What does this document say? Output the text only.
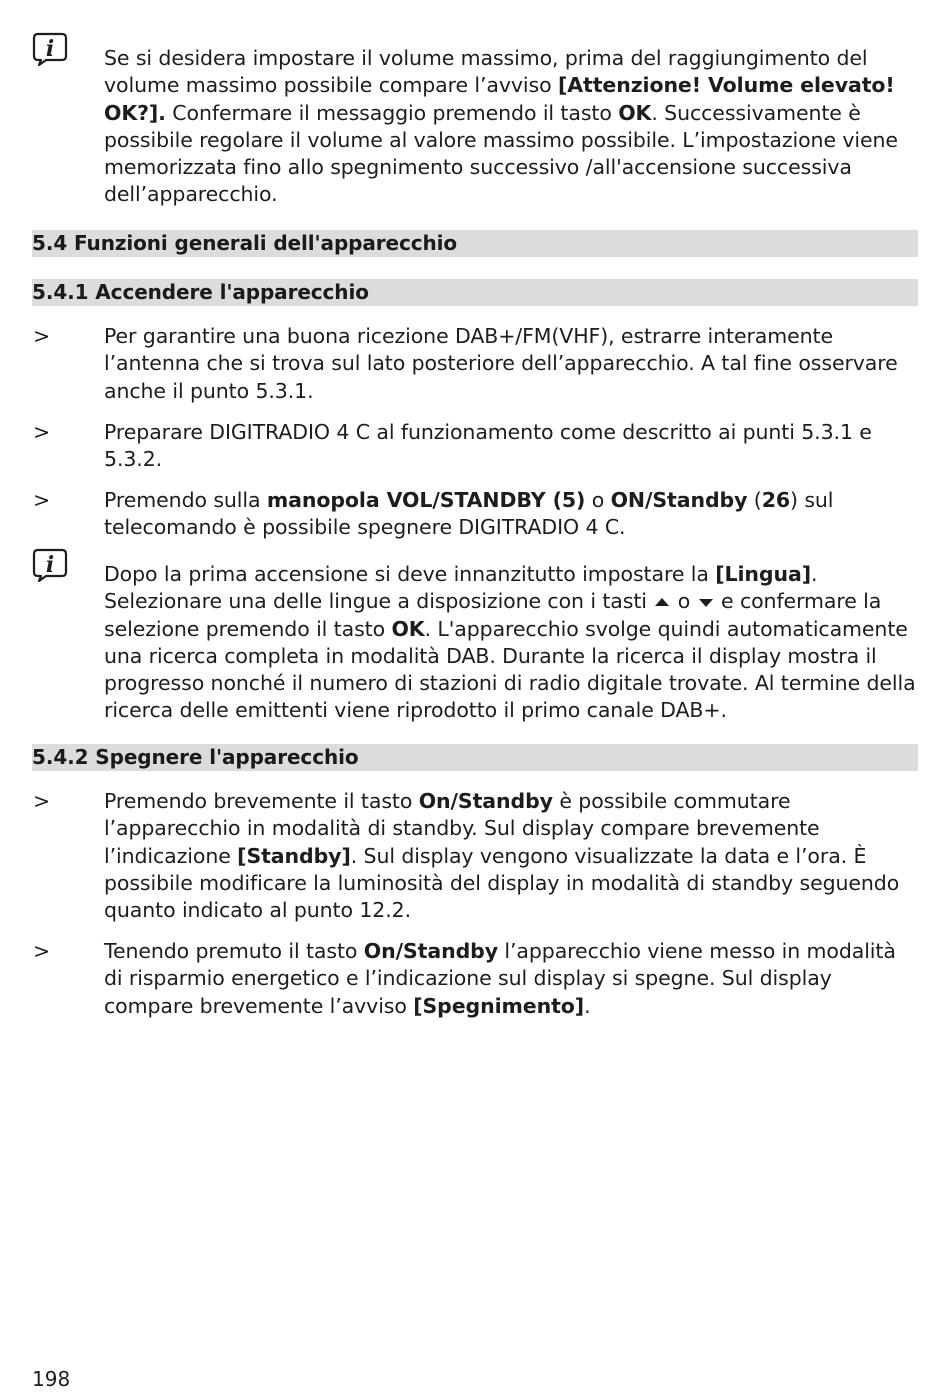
i Se si desidera impostare il volume massimo, prima del raggiungimento del volume massimo possibile compare l’avviso [Attenzione! Volume elevato! OK?]. Confermare il messaggio premendo il tasto OK. Successivamente è possibile regolare il volume al valore massimo possibile. L’impostazione viene memorizzata fino allo spegnimento successivo /all'accensione successiva dell’apparecchio.
5.4 Funzioni generali dell'apparecchio
5.4.1 Accendere l'apparecchio
>	Per garantire una buona ricezione DAB+/FM(VHF), estrarre interamente l’antenna che si trova sul lato posteriore dell’apparecchio. A tal fine osservare anche il punto 5.3.1.
>	Preparare DIGITRADIO 4 C al funzionamento come descritto ai punti 5.3.1 e 5.3.2.
>	Premendo sulla manopola VOL/STANDBY (5) o ON/Standby (26) sul telecomando è possibile spegnere DIGITRADIO 4 C.
i Dopo la prima accensione si deve innanzitutto impostare la [Lingua]. Selezionare una delle lingue a disposizione con i tasti  o  e confermare la selezione premendo il tasto OK. L'apparecchio svolge quindi automaticamente una ricerca completa in modalità DAB. Durante la ricerca il display mostra il progresso nonché il numero di stazioni di radio digitale trovate. Al termine della ricerca delle emittenti viene riprodotto il primo canale DAB+.
5.4.2 Spegnere l'apparecchio
>	Premendo brevemente il tasto On/Standby è possibile commutare l’apparecchio in modalità di standby. Sul display compare brevemente l’indicazione [Standby]. Sul display vengono visualizzate la data e l’ora. È possibile modificare la luminosità del display in modalità di standby seguendo quanto indicato al punto 12.2.
>	Tenendo premuto il tasto On/Standby l’apparecchio viene messo in modalità di risparmio energetico e l’indicazione sul display si spegne. Sul display compare brevemente l’avviso [Spegnimento].
198
